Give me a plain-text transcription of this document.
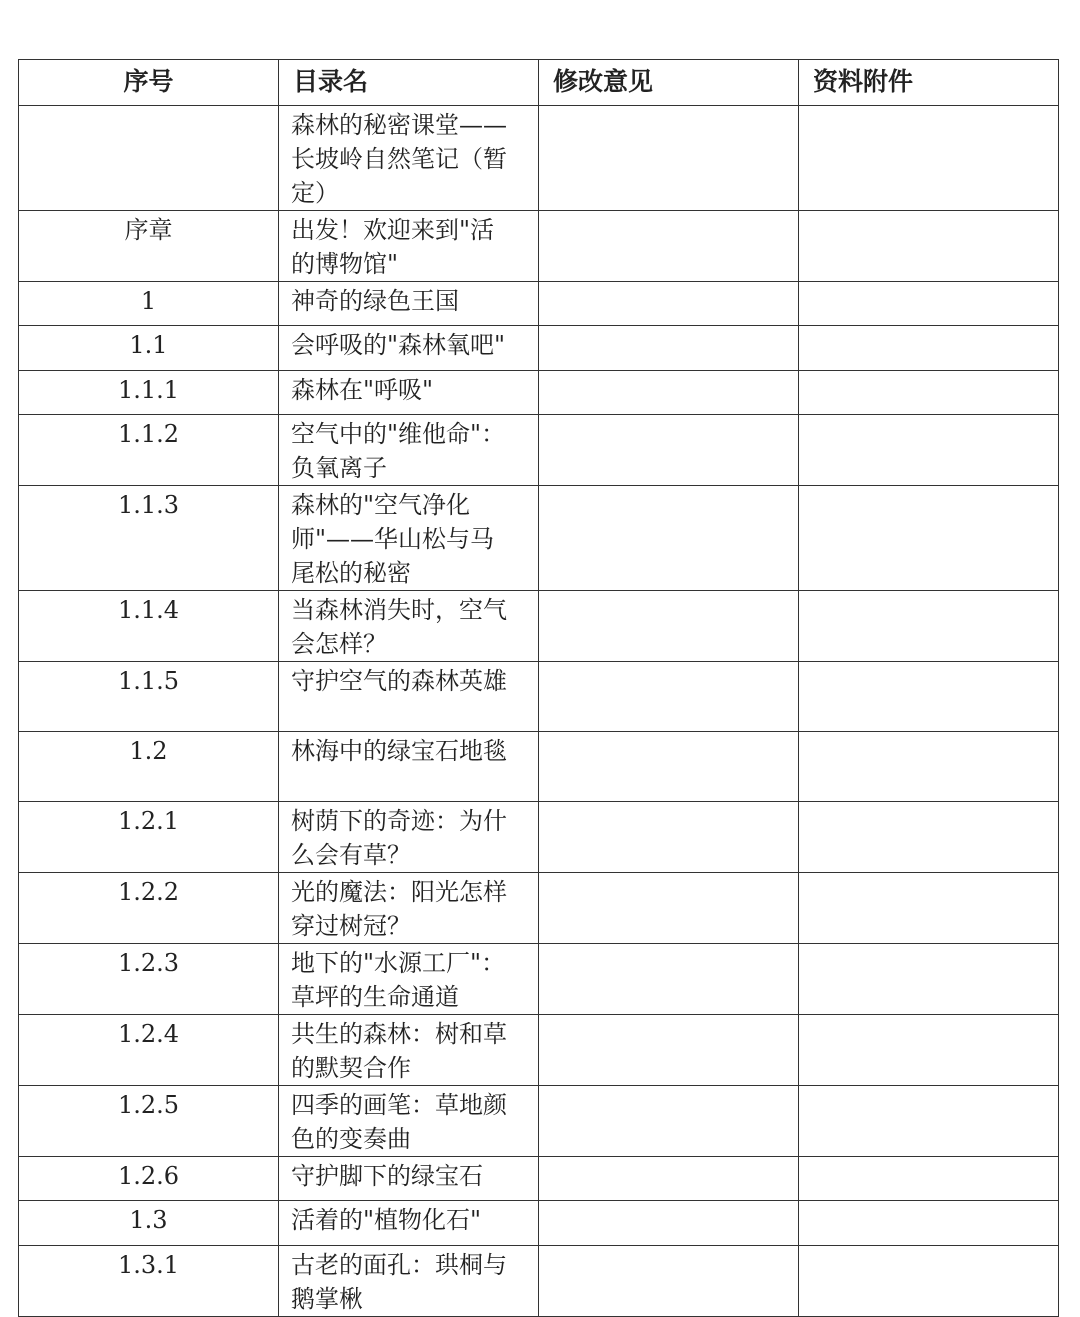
序号	目录名	修改意见	资料附件
	森林的秘密课堂——长坡岭自然笔记（暂定）		
序章	出发！欢迎来到"活的博物馆"		
1	神奇的绿色王国		
1.1	会呼吸的"森林氧吧"		
1.1.1	森林在"呼吸"		
1.1.2	空气中的"维他命"：负氧离子		
1.1.3	森林的"空气净化师"——华山松与马尾松的秘密		
1.1.4	当森林消失时，空气会怎样？		
1.1.5	守护空气的森林英雄		
1.2	林海中的绿宝石地毯		
1.2.1	树荫下的奇迹：为什么会有草？		
1.2.2	光的魔法：阳光怎样穿过树冠？		
1.2.3	地下的"水源工厂"：草坪的生命通道		
1.2.4	共生的森林：树和草的默契合作		
1.2.5	四季的画笔：草地颜色的变奏曲		
1.2.6	守护脚下的绿宝石		
1.3	活着的"植物化石"		
1.3.1	古老的面孔：珙桐与鹅掌楸		
